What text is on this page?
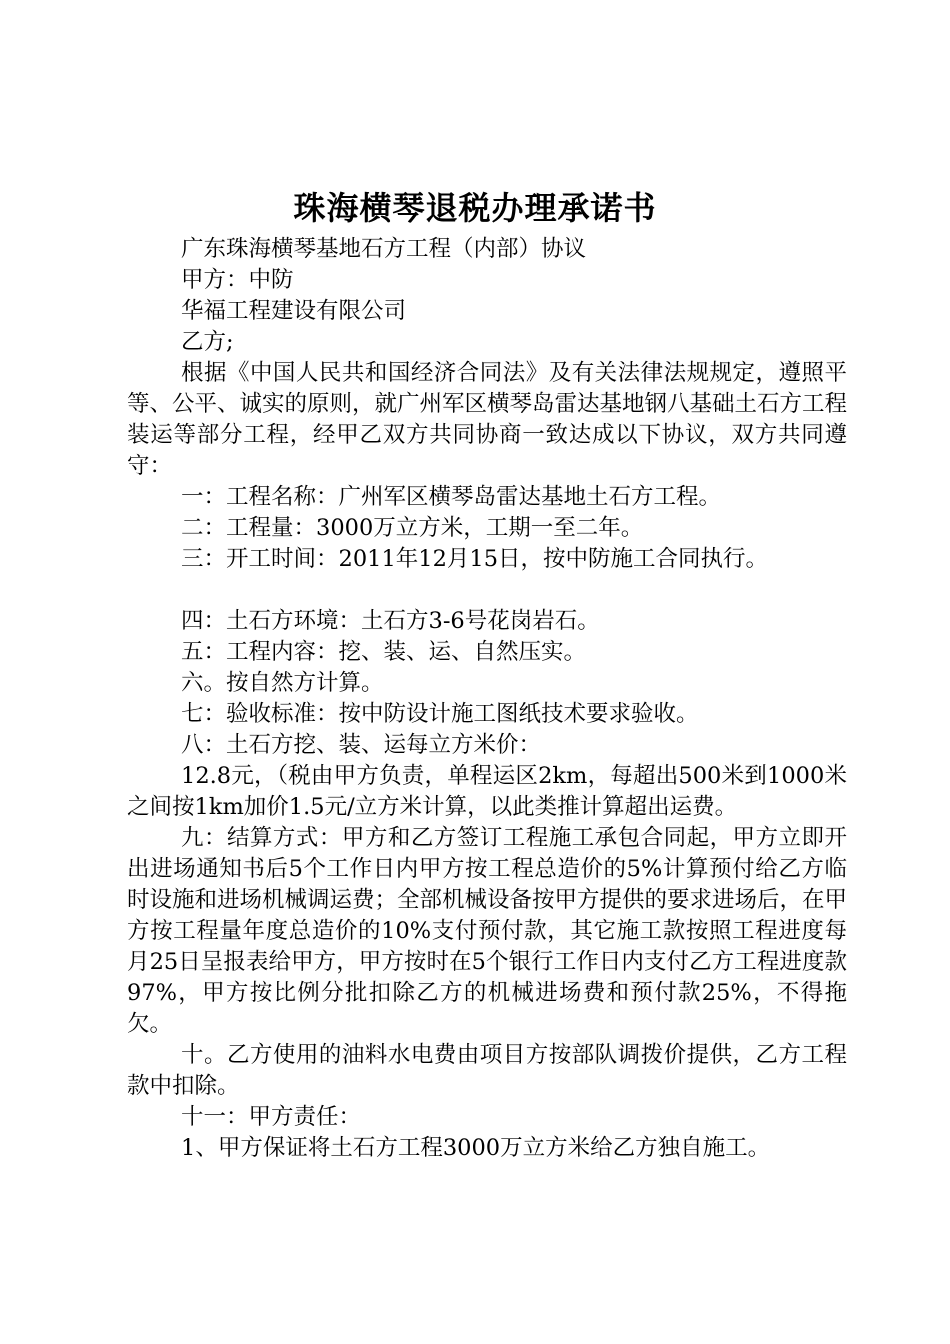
珠海横琴退税办理承诺书

广东珠海横琴基地石方工程（内部）协议

甲方：中防

华福工程建设有限公司

乙方;

根据《中国人民共和国经济合同法》及有关法律法规规定，遵照平等、公平、诚实的原则，就广州军区横琴岛雷达基地钢八基础土石方工程装运等部分工程，经甲乙双方共同协商一致达成以下协议，双方共同遵守：

一：工程名称：广州军区横琴岛雷达基地土石方工程。

二：工程量：3000万立方米，工期一至二年。

三：开工时间：2011年12月15日，按中防施工合同执行。

四：土石方环境：土石方3-6号花岗岩石。

五：工程内容：挖、装、运、自然压实。

六。按自然方计算。

七：验收标准：按中防设计施工图纸技术要求验收。

八：土石方挖、装、运每立方米价：

12.8元，（税由甲方负责，单程运区2km，每超出500米到1000米之间按1km加价1.5元/立方米计算，以此类推计算超出运费。

九：结算方式：甲方和乙方签订工程施工承包合同起，甲方立即开出进场通知书后5个工作日内甲方按工程总造价的5%计算预付给乙方临时设施和进场机械调运费；全部机械设备按甲方提供的要求进场后，在甲方按工程量年度总造价的10%支付预付款，其它施工款按照工程进度每月25日呈报表给甲方，甲方按时在5个银行工作日内支付乙方工程进度款97%，甲方按比例分批扣除乙方的机械进场费和预付款25%，不得拖欠。

十。乙方使用的油料水电费由项目方按部队调拨价提供，乙方工程款中扣除。

十一：甲方责任：

1、甲方保证将土石方工程3000万立方米给乙方独自施工。
